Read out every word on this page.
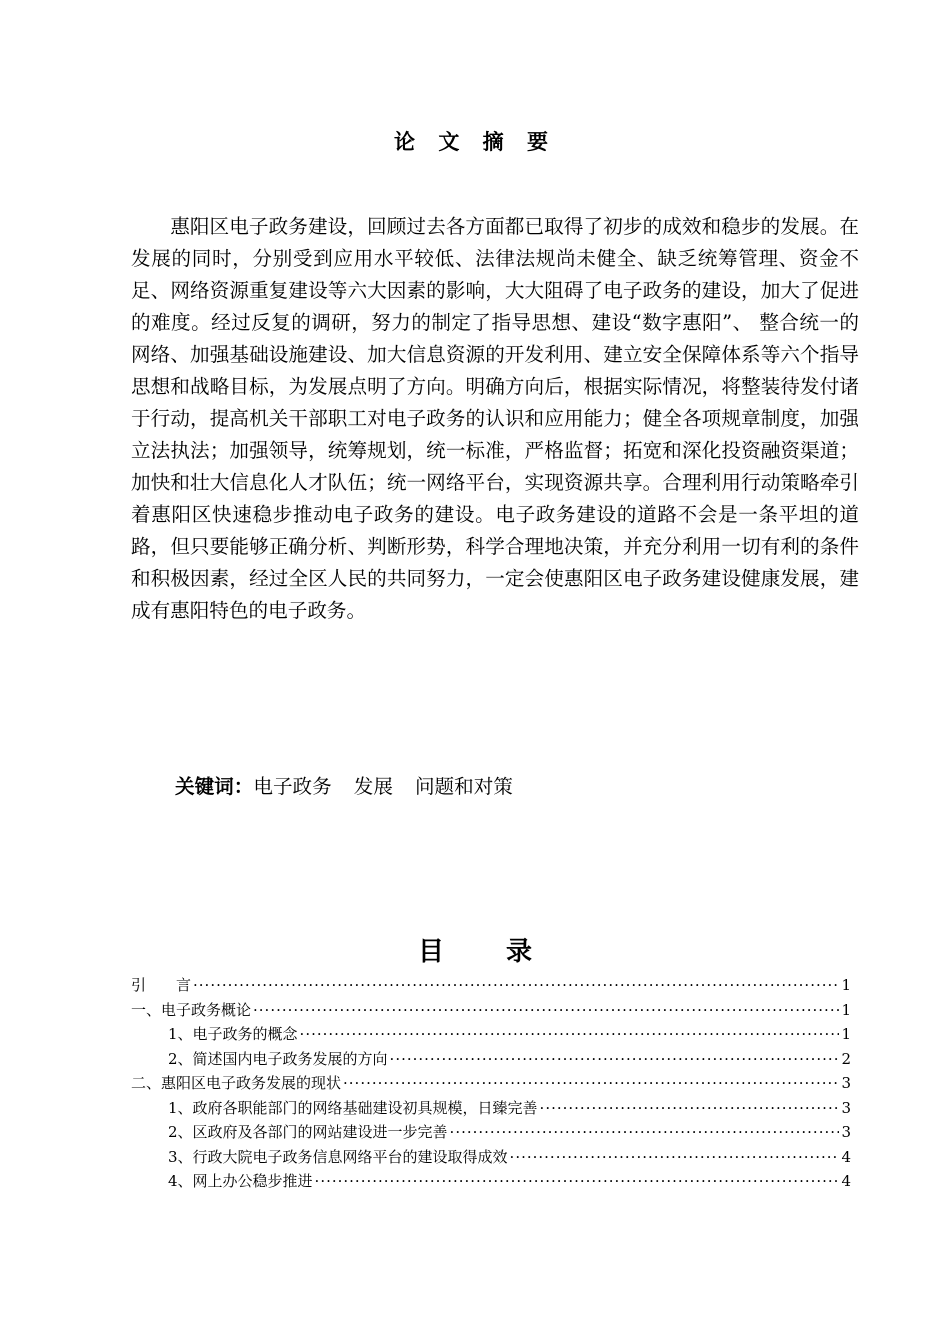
论 文 摘 要

惠阳区电子政务建设，回顾过去各方面都已取得了初步的成效和稳步的发展。在发展的同时，分别受到应用水平较低、法律法规尚未健全、缺乏统筹管理、资金不足、网络资源重复建设等六大因素的影响，大大阻碍了电子政务的建设，加大了促进的难度。经过反复的调研，努力的制定了指导思想、建设“数字惠阳”、 整合统一的网络、加强基础设施建设、加大信息资源的开发利用、建立安全保障体系等六个指导思想和战略目标，为发展点明了方向。明确方向后，根据实际情况，将整装待发付诸于行动，提高机关干部职工对电子政务的认识和应用能力；健全各项规章制度，加强立法执法；加强领导，统筹规划，统一标准，严格监督；拓宽和深化投资融资渠道；加快和壮大信息化人才队伍；统一网络平台，实现资源共享。合理利用行动策略牵引着惠阳区快速稳步推动电子政务的建设。电子政务建设的道路不会是一条平坦的道路，但只要能够正确分析、判断形势，科学合理地决策，并充分利用一切有利的条件和积极因素，经过全区人民的共同努力，一定会使惠阳区电子政务建设健康发展，建成有惠阳特色的电子政务。

关键词：电子政务 发展 问题和对策
目 录
引　　言 ·····	1
一、电子政务概论 ·····	1
1、电子政务的概念 ·····	1
2、简述国内电子政务发展的方向 ·····	2
二、惠阳区电子政务发展的现状 ·····	3
1、政府各职能部门的网络基础建设初具规模，日臻完善 ·····	3
2、区政府及各部门的网站建设进一步完善 ·····	3
3、行政大院电子政务信息网络平台的建设取得成效 ·····	4
4、网上办公稳步推进 ·····	4
